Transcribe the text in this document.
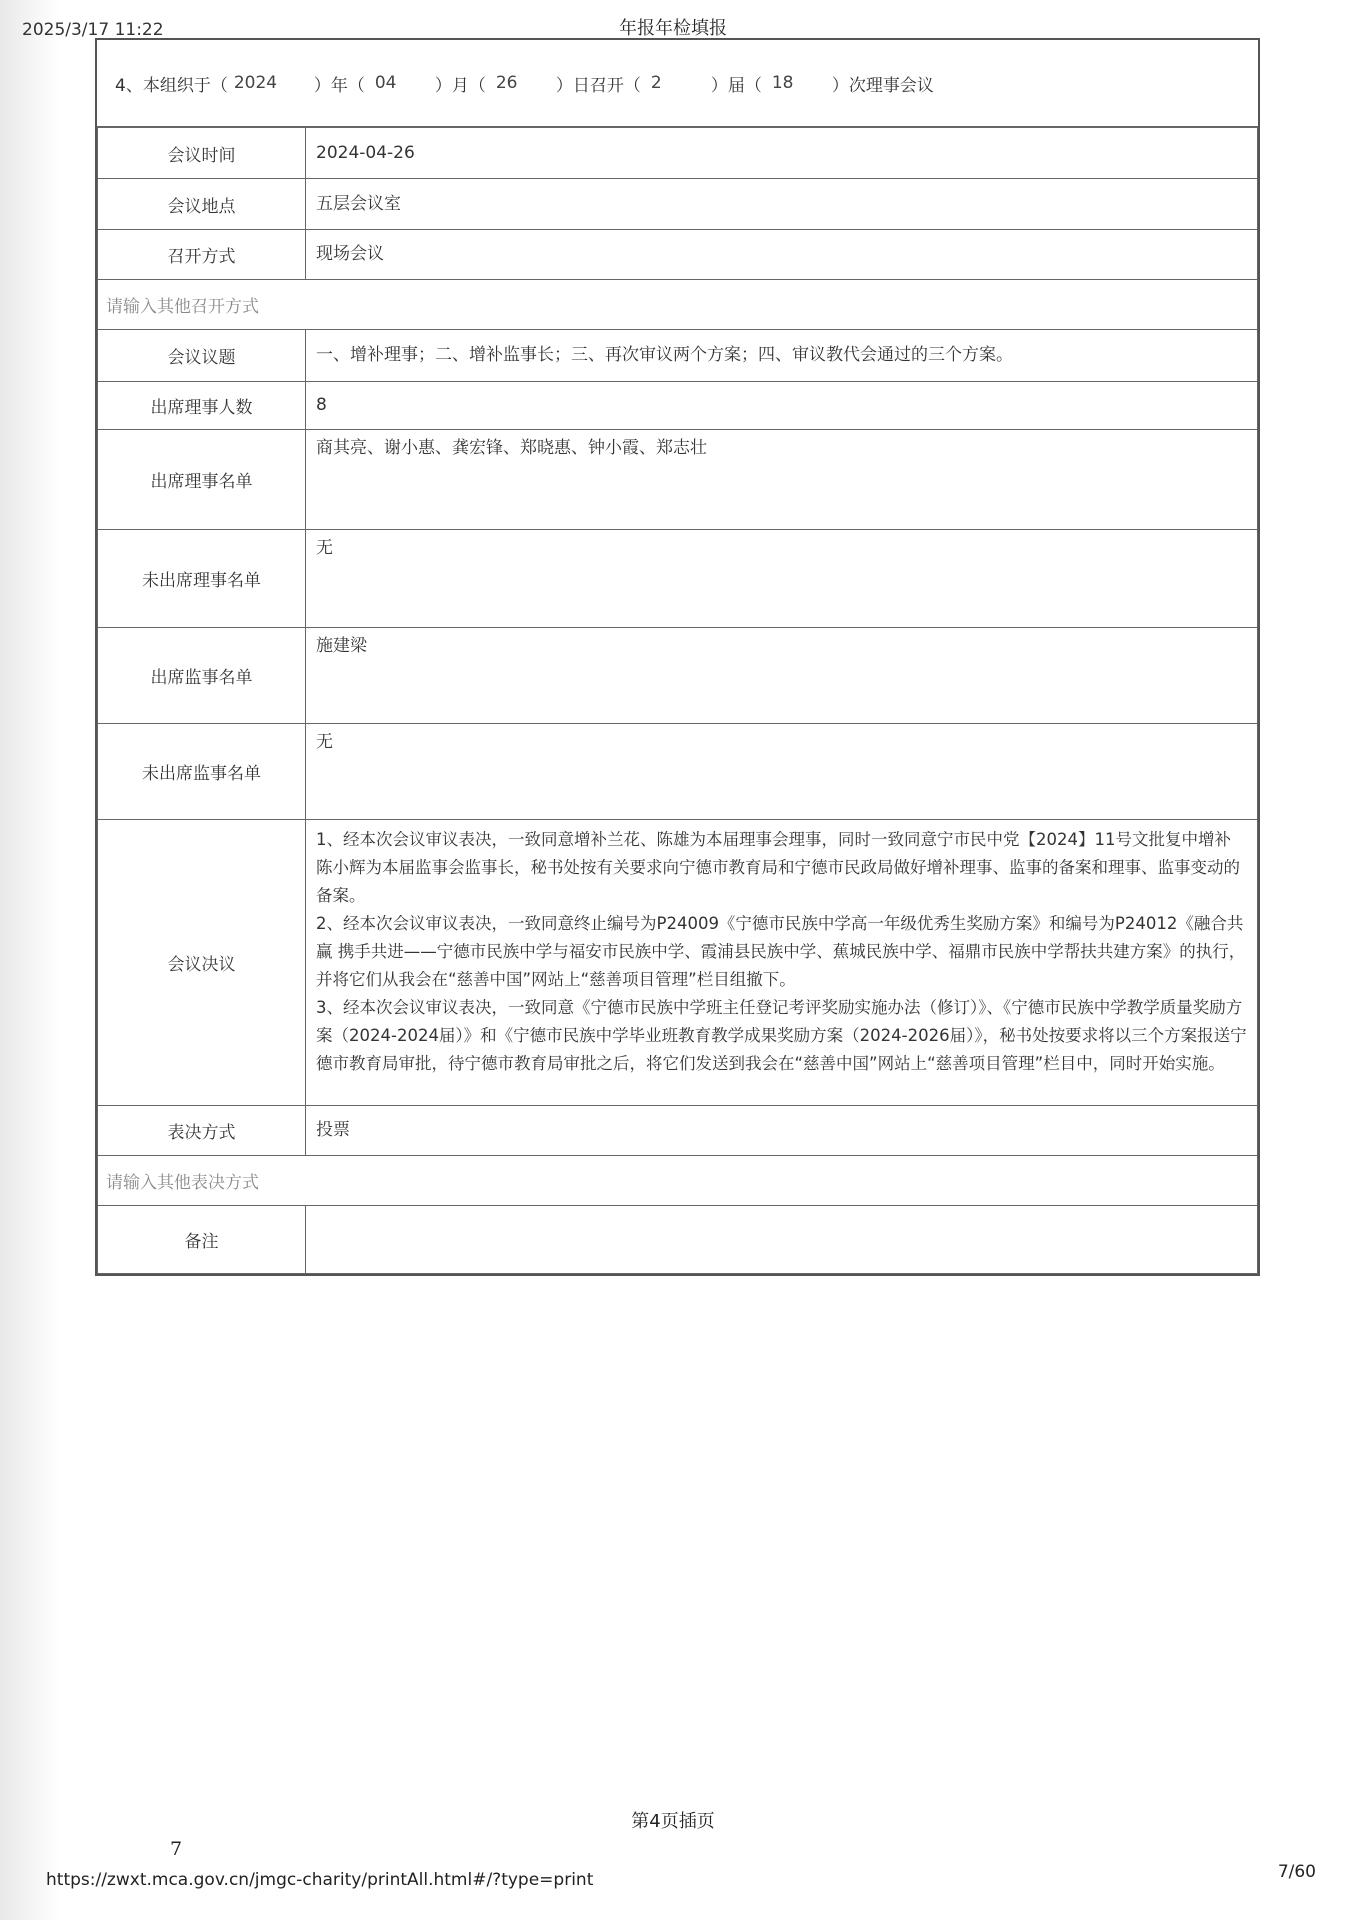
2025/3/17 11:22	年报年检填报
4、本组织于（ 2024	）年（ 04	）月（ 26	）日召开（ 2	）届（ 18	）次理事会议
会议时间	2024-04-26
会议地点	五层会议室
召开方式	现场会议
请输入其他召开方式	
会议议题	一、增补理事；二、增补监事长；三、再次审议两个方案；四、审议教代会通过的三个方案。
出席理事人数	8
出席理事名单	商其亮、谢小惠、龚宏锋、郑晓惠、钟小霞、郑志壮
未出席理事名单	无
出席监事名单	施建梁
未出席监事名单	无
会议决议	1、经本次会议审议表决，一致同意增补兰花、陈雄为本届理事会理事，同时一致同意宁市民中党【2024】11号文批复中增补陈小辉为本届监事会监事长，秘书处按有关要求向宁德市教育局和宁德市民政局做好增补理事、监事的备案和理事、监事变动的备案。

2、经本次会议审议表决，一致同意终止编号为P24009《宁德市民族中学高一年级优秀生奖励方案》和编号为P24012《融合共赢 携手共进——宁德市民族中学与福安市民族中学、霞浦县民族中学、蕉城民族中学、福鼎市民族中学帮扶共建方案》的执行，并将它们从我会在“慈善中国”网站上“慈善项目管理”栏目组撤下。

3、经本次会议审议表决，一致同意《宁德市民族中学班主任登记考评奖励实施办法（修订）》、《宁德市民族中学教学质量奖励方案（2024-2024届）》和《宁德市民族中学毕业班教育教学成果奖励方案（2024-2026届）》，秘书处按要求将以三个方案报送宁德市教育局审批，待宁德市教育局审批之后，将它们发送到我会在“慈善中国”网站上“慈善项目管理”栏目中，同时开始实施。

表决方式	投票
请输入其他表决方式	
备注	
第4页插页
7
https://zwxt.mca.gov.cn/jmgc-charity/printAll.html#/?type=print	7/60
